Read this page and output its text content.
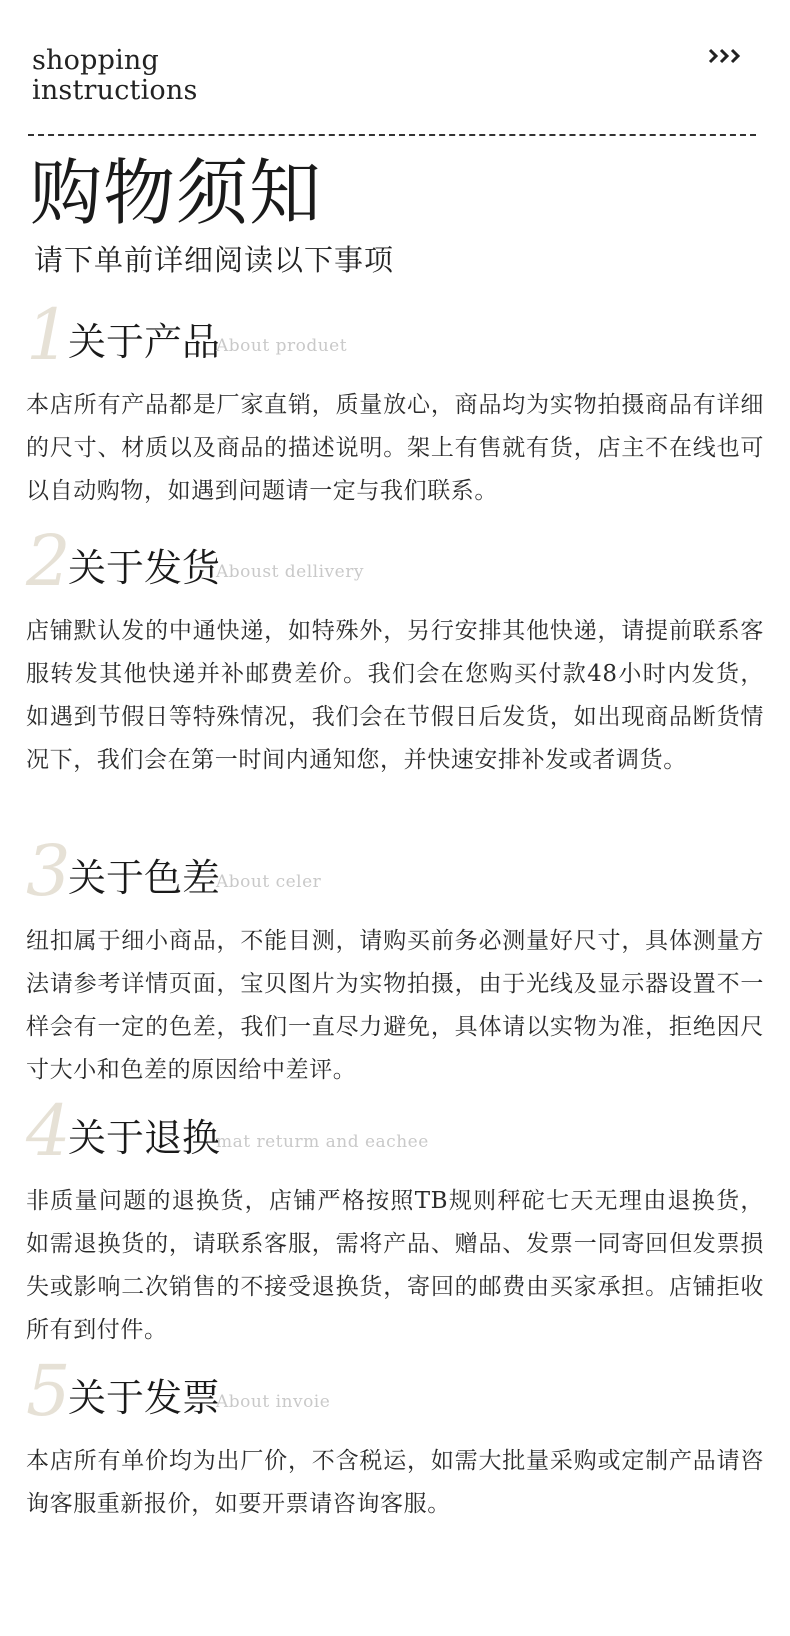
shopping
instructions
购物须知
请下单前详细阅读以下事项
1
关于产品
About produet
本店所有产品都是厂家直销，质量放心，商品均为实物拍摄商品有详细的尺寸、材质以及商品的描述说明。架上有售就有货，店主不在线也可以自动购物，如遇到问题请一定与我们联系。
2
关于发货
Aboust dellivery
店铺默认发的中通快递，如特殊外，另行安排其他快递，请提前联系客服转发其他快递并补邮费差价。我们会在您购买付款48小时内发货，如遇到节假日等特殊情况，我们会在节假日后发货，如出现商品断货情况下，我们会在第一时间内通知您，并快速安排补发或者调货。
3
关于色差
About celer
纽扣属于细小商品，不能目测，请购买前务必测量好尺寸，具体测量方法请参考详情页面，宝贝图片为实物拍摄，由于光线及显示器设置不一样会有一定的色差，我们一直尽力避免，具体请以实物为准，拒绝因尺寸大小和色差的原因给中差评。
4
关于退换
mat returm and eachee
非质量问题的退换货，店铺严格按照TB规则秤砣七天无理由退换货，如需退换货的，请联系客服，需将产品、赠品、发票一同寄回但发票损失或影响二次销售的不接受退换货，寄回的邮费由买家承担。店铺拒收所有到付件。
5
关于发票
About invoie
本店所有单价均为出厂价，不含税运，如需大批量采购或定制产品请咨询客服重新报价，如要开票请咨询客服。
